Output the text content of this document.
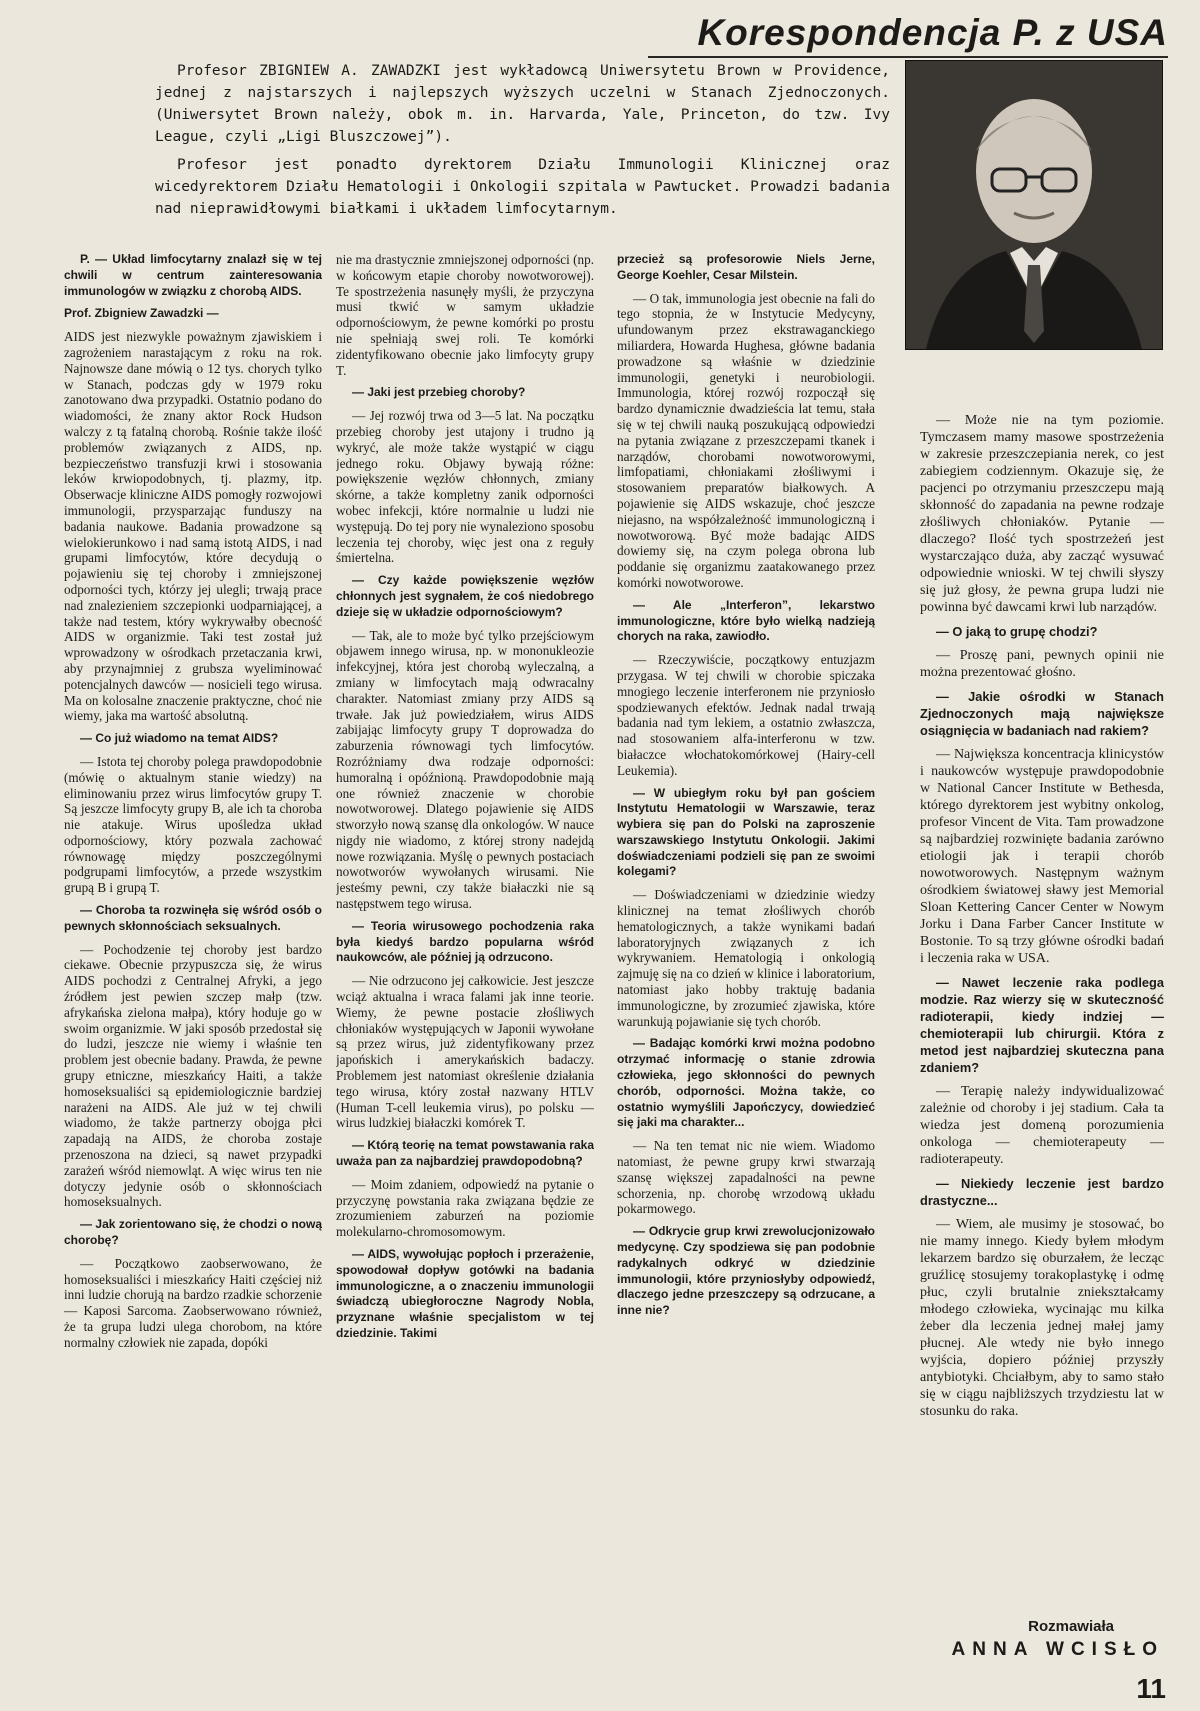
Korespondencja P. z USA

Profesor ZBIGNIEW A. ZAWADZKI jest wykładowcą Uniwersytetu Brown w Providence, jednej z najstarszych i najlepszych wyższych uczelni w Stanach Zjednoczonych. (Uniwersytet Brown należy, obok m. in. Harvarda, Yale, Princeton, do tzw. Ivy League, czyli „Ligi Bluszczowej”).

Profesor jest ponadto dyrektorem Działu Immunologii Klinicznej oraz wicedyrektorem Działu Hematologii i Onkologii szpitala w Pawtucket. Prowadzi badania nad nieprawidłowymi białkami i układem limfocytarnym.

P. — Układ limfocytarny znalazł się w tej chwili w centrum zainteresowania immunologów w związku z chorobą AIDS.

Prof. Zbigniew Zawadzki —

AIDS jest niezwykle poważnym zjawiskiem i zagrożeniem narastającym z roku na rok. Najnowsze dane mówią o 12 tys. chorych tylko w Stanach, podczas gdy w 1979 roku zanotowano dwa przypadki. Ostatnio podano do wiadomości, że znany aktor Rock Hudson walczy z tą fatalną chorobą. Rośnie także ilość problemów związanych z AIDS, np. bezpieczeństwo transfuzji krwi i stosowania leków krwiopodobnych, tj. plazmy, itp. Obserwacje kliniczne AIDS pomogły rozwojowi immunologii, przysparzając funduszy na badania naukowe. Badania prowadzone są wielokierunkowo i nad samą istotą AIDS, i nad grupami limfocytów, które decydują o pojawieniu się tej choroby i zmniejszonej odporności tych, którzy jej ulegli; trwają prace nad znalezieniem szczepionki uodparniającej, a także nad testem, który wykrywałby obecność AIDS w organizmie. Taki test został już wprowadzony w ośrodkach przetaczania krwi, aby przynajmniej z grubsza wyeliminować potencjalnych dawców — nosicieli tego wirusa. Ma on kolosalne znaczenie praktyczne, choć nie wiemy, jaka ma wartość absolutną.

— Co już wiadomo na temat AIDS?

— Istota tej choroby polega prawdopodobnie (mówię o aktualnym stanie wiedzy) na eliminowaniu przez wirus limfocytów grupy T. Są jeszcze limfocyty grupy B, ale ich ta choroba nie atakuje. Wirus upośledza układ odpornościowy, który pozwala zachować równowagę między poszczególnymi podgrupami limfocytów, a przede wszystkim grupą B i grupą T.

— Choroba ta rozwinęła się wśród osób o pewnych skłonnościach seksualnych.

— Pochodzenie tej choroby jest bardzo ciekawe. Obecnie przypuszcza się, że wirus AIDS pochodzi z Centralnej Afryki, a jego źródłem jest pewien szczep małp (tzw. afrykańska zielona małpa), który hoduje go w swoim organizmie. W jaki sposób przedostał się do ludzi, jeszcze nie wiemy i właśnie ten problem jest obecnie badany. Prawda, że pewne grupy etniczne, mieszkańcy Haiti, a także homoseksualiści są epidemiologicznie bardziej narażeni na AIDS. Ale już w tej chwili wiadomo, że także partnerzy obojga płci zapadają na AIDS, że choroba zostaje przenoszona na dzieci, są nawet przypadki zarażeń wśród niemowląt. A więc wirus ten nie dotyczy jedynie osób o skłonnościach homoseksualnych.

— Jak zorientowano się, że chodzi o nową chorobę?

— Początkowo zaobserwowano, że homoseksualiści i mieszkańcy Haiti częściej niż inni ludzie chorują na bardzo rzadkie schorzenie — Kaposi Sarcoma. Zaobserwowano również, że ta grupa ludzi ulega chorobom, na które normalny człowiek nie zapada, dopóki

nie ma drastycznie zmniejszonej odporności (np. w końcowym etapie choroby nowotworowej). Te spostrzeżenia nasunęły myśli, że przyczyna musi tkwić w samym układzie odpornościowym, że pewne komórki po prostu nie spełniają swej roli. Te komórki zidentyfikowano obecnie jako limfocyty grupy T.

— Jaki jest przebieg choroby?

— Jej rozwój trwa od 3—5 lat. Na początku przebieg choroby jest utajony i trudno ją wykryć, ale może także wystąpić w ciągu jednego roku. Objawy bywają różne: powiększenie węzłów chłonnych, zmiany skórne, a także kompletny zanik odporności wobec infekcji, które normalnie u ludzi nie występują. Do tej pory nie wynaleziono sposobu leczenia tej choroby, więc jest ona z reguły śmiertelna.

— Czy każde powiększenie węzłów chłonnych jest sygnałem, że coś niedobrego dzieje się w układzie odpornościowym?

— Tak, ale to może być tylko przejściowym objawem innego wirusa, np. w mononukleozie infekcyjnej, która jest chorobą wyleczalną, a zmiany w limfocytach mają odwracalny charakter. Natomiast zmiany przy AIDS są trwałe. Jak już powiedziałem, wirus AIDS zabijając limfocyty grupy T doprowadza do zaburzenia równowagi tych limfocytów. Rozróżniamy dwa rodzaje odporności: humoralną i opóźnioną. Prawdopodobnie mają one również znaczenie w chorobie nowotworowej. Dlatego pojawienie się AIDS stworzyło nową szansę dla onkologów. W nauce nigdy nie wiadomo, z której strony nadejdą nowe rozwiązania. Myślę o pewnych postaciach nowotworów wywołanych wirusami. Nie jesteśmy pewni, czy także białaczki nie są następstwem tego wirusa.

— Teoria wirusowego pochodzenia raka była kiedyś bardzo popularna wśród naukowców, ale później ją odrzucono.

— Nie odrzucono jej całkowicie. Jest jeszcze wciąż aktualna i wraca falami jak inne teorie. Wiemy, że pewne postacie złośliwych chłoniaków występujących w Japonii wywołane są przez wirus, już zidentyfikowany przez japońskich i amerykańskich badaczy. Problemem jest natomiast określenie działania tego wirusa, który został nazwany HTLV (Human T-cell leukemia virus), po polsku — wirus ludzkiej białaczki komórek T.

— Którą teorię na temat powstawania raka uważa pan za najbardziej prawdopodobną?

— Moim zdaniem, odpowiedź na pytanie o przyczynę powstania raka związana będzie ze zrozumieniem zaburzeń na poziomie molekularno-chromosomowym.

— AIDS, wywołując popłoch i przerażenie, spowodował dopływ gotówki na badania immunologiczne, a o znaczeniu immunologii świadczą ubiegłoroczne Nagrody Nobla, przyznane właśnie specjalistom w tej dziedzinie. Takimi

przecież są profesorowie Niels Jerne, George Koehler, Cesar Milstein.

— O tak, immunologia jest obecnie na fali do tego stopnia, że w Instytucie Medycyny, ufundowanym przez ekstrawaganckiego miliardera, Howarda Hughesa, główne badania prowadzone są właśnie w dziedzinie immunologii, genetyki i neurobiologii. Immunologia, której rozwój rozpoczął się bardzo dynamicznie dwadzieścia lat temu, stała się w tej chwili nauką poszukującą odpowiedzi na pytania związane z przeszczepami tkanek i narządów, chorobami nowotworowymi, limfopatiami, chłoniakami złośliwymi i stosowaniem preparatów białkowych. A pojawienie się AIDS wskazuje, choć jeszcze niejasno, na współzależność immunologiczną i nowotworową. Być może badając AIDS dowiemy się, na czym polega obrona lub poddanie się organizmu zaatakowanego przez komórki nowotworowe.

— Ale „Interferon”, lekarstwo immunologiczne, które było wielką nadzieją chorych na raka, zawiodło.

— Rzeczywiście, początkowy entuzjazm przygasa. W tej chwili w chorobie spiczaka mnogiego leczenie interferonem nie przyniosło spodziewanych efektów. Jednak nadal trwają badania nad tym lekiem, a ostatnio zwłaszcza, nad stosowaniem alfa-interferonu w tzw. białaczce włochatokomórkowej (Hairy-cell Leukemia).

— W ubiegłym roku był pan gościem Instytutu Hematologii w Warszawie, teraz wybiera się pan do Polski na zaproszenie warszawskiego Instytutu Onkologii. Jakimi doświadczeniami podzieli się pan ze swoimi kolegami?

— Doświadczeniami w dziedzinie wiedzy klinicznej na temat złośliwych chorób hematologicznych, a także wynikami badań laboratoryjnych związanych z ich wykrywaniem. Hematologią i onkologią zajmuję się na co dzień w klinice i laboratorium, natomiast jako hobby traktuję badania immunologiczne, by zrozumieć zjawiska, które warunkują pojawianie się tych chorób.

— Badając komórki krwi można podobno otrzymać informację o stanie zdrowia człowieka, jego skłonności do pewnych chorób, odporności. Można także, co ostatnio wymyślili Japończycy, dowiedzieć się jaki ma charakter...

— Na ten temat nic nie wiem. Wiadomo natomiast, że pewne grupy krwi stwarzają szansę większej zapadalności na pewne schorzenia, np. chorobę wrzodową układu pokarmowego.

— Odkrycie grup krwi zrewolucjonizowało medycynę. Czy spodziewa się pan podobnie radykalnych odkryć w dziedzinie immunologii, które przyniosłyby odpowiedź, dlaczego jedne przeszczepy są odrzucane, a inne nie?

— Może nie na tym poziomie. Tymczasem mamy masowe spostrzeżenia w zakresie przeszczepiania nerek, co jest zabiegiem codziennym. Okazuje się, że pacjenci po otrzymaniu przeszczepu mają skłonność do zapadania na pewne rodzaje złośliwych chłoniaków. Pytanie — dlaczego? Ilość tych spostrzeżeń jest wystarczająco duża, aby zacząć wysuwać odpowiednie wnioski. W tej chwili słyszy się już głosy, że pewna grupa ludzi nie powinna być dawcami krwi lub narządów.

— O jaką to grupę chodzi?

— Proszę pani, pewnych opinii nie można prezentować głośno.

— Jakie ośrodki w Stanach Zjednoczonych mają największe osiągnięcia w badaniach nad rakiem?

— Największa koncentracja klinicystów i naukowców występuje prawdopodobnie w National Cancer Institute w Bethesda, którego dyrektorem jest wybitny onkolog, profesor Vincent de Vita. Tam prowadzone są najbardziej rozwinięte badania zarówno etiologii jak i terapii chorób nowotworowych. Następnym ważnym ośrodkiem światowej sławy jest Memorial Sloan Kettering Cancer Center w Nowym Jorku i Dana Farber Cancer Institute w Bostonie. To są trzy główne ośrodki badań i leczenia raka w USA.

— Nawet leczenie raka podlega modzie. Raz wierzy się w skuteczność radioterapii, kiedy indziej — chemioterapii lub chirurgii. Która z metod jest najbardziej skuteczna pana zdaniem?

— Terapię należy indywidualizować zależnie od choroby i jej stadium. Cała ta wiedza jest domeną porozumienia onkologa — chemioterapeuty — radioterapeuty.

— Niekiedy leczenie jest bardzo drastyczne...

— Wiem, ale musimy je stosować, bo nie mamy innego. Kiedy byłem młodym lekarzem bardzo się oburzałem, że lecząc gruźlicę stosujemy torakoplastykę i odmę płuc, czyli brutalnie zniekształcamy młodego człowieka, wycinając mu kilka żeber dla leczenia jednej małej jamy płucnej. Ale wtedy nie było innego wyjścia, dopiero później przyszły antybiotyki. Chciałbym, aby to samo stało się w ciągu najbliższych trzydziestu lat w stosunku do raka.

Rozmawiała
ANNA WCISŁO
11
